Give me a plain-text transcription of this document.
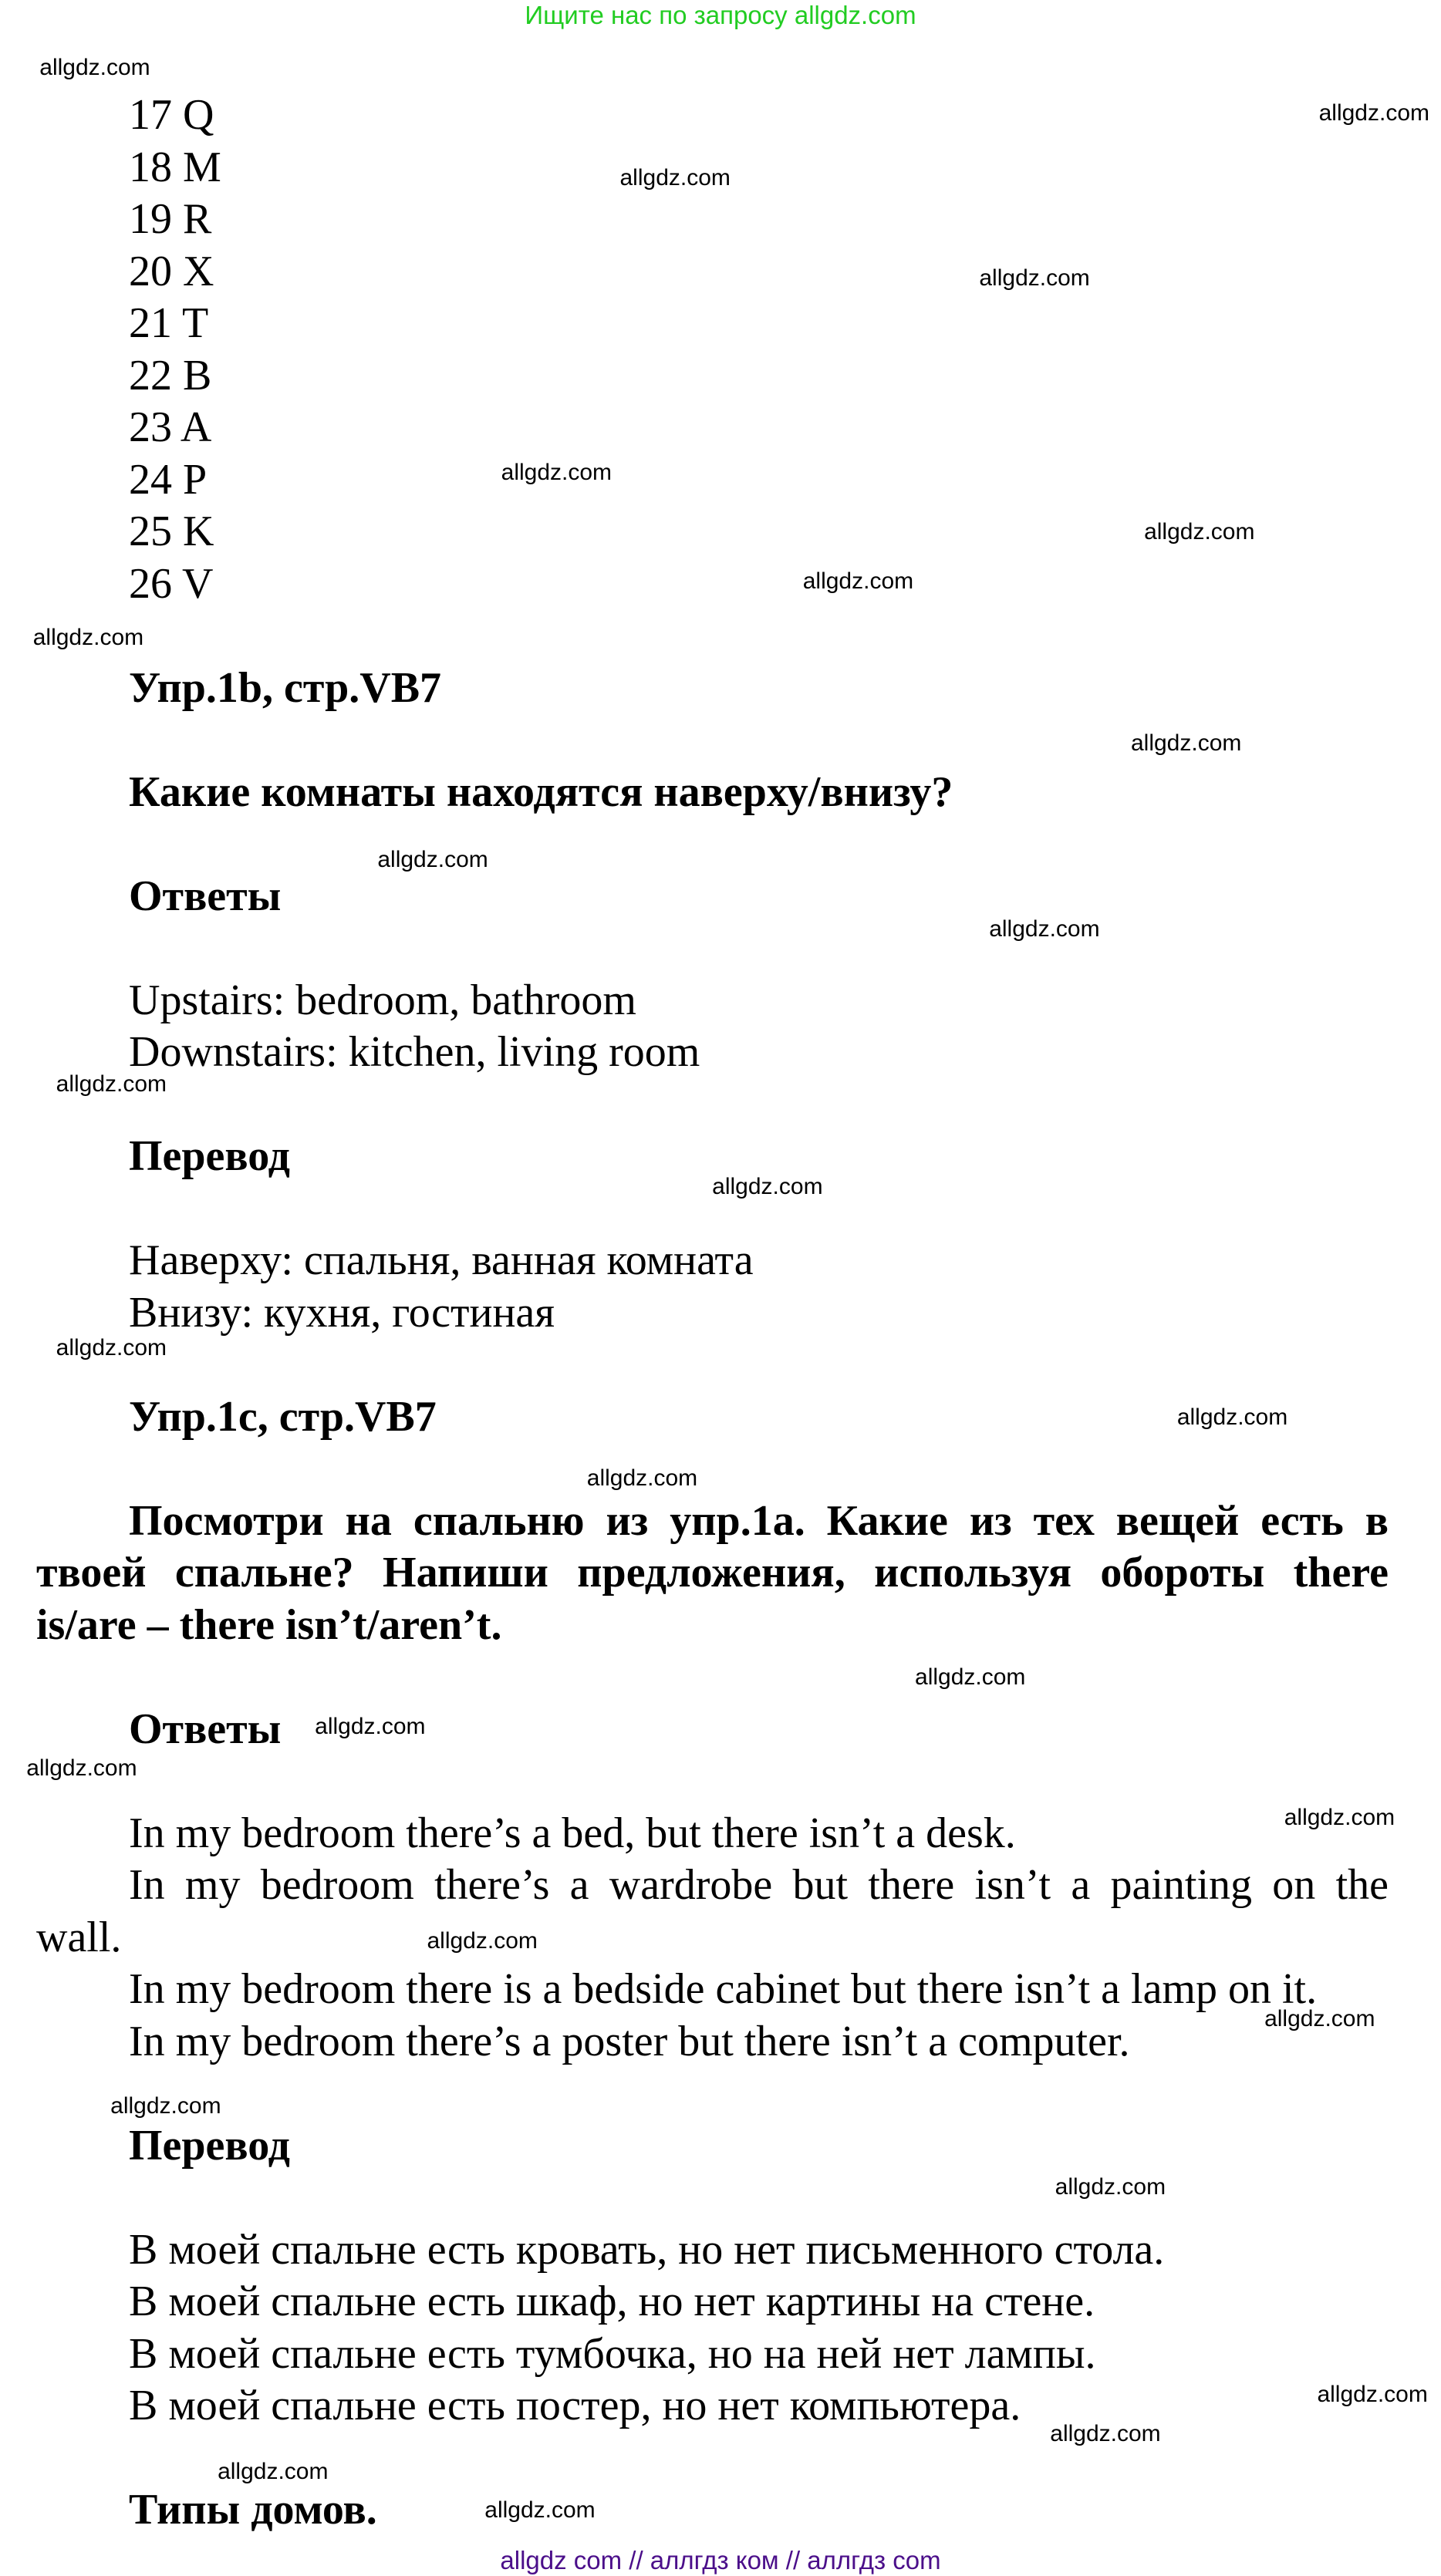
Ищите нас по запросу allgdz.com
17 Q
18 M
19 R
20 X
21 T
22 B
23 A
24 P
25 K
26 V
Упр.1b, стр.VB7
Какие комнаты находятся наверху/внизу?
Ответы
Upstairs: bedroom, bathroom
Downstairs: kitchen, living room
Перевод
Наверху: спальня, ванная комната
Внизу: кухня, гостиная
Упр.1c, стр.VB7
Посмотри на спальню из упр.1а. Какие из тех вещей есть в
твоей спальне? Напиши предложения, используя обороты there
is/are – there isn’t/aren’t.
Ответы
In my bedroom there’s a bed, but there isn’t a desk.
In my bedroom there’s a wardrobe but there isn’t a painting on the
wall.
In my bedroom there is a bedside cabinet but there isn’t a lamp on it.
In my bedroom there’s a poster but there isn’t a computer.
Перевод
В моей спальне есть кровать, но нет письменного стола.
В моей спальне есть шкаф, но нет картины на стене.
В моей спальне есть тумбочка, но на ней нет лампы.
В моей спальне есть постер, но нет компьютера.
Типы домов.
allgdz.com
allgdz.com
allgdz.com
allgdz.com
allgdz.com
allgdz.com
allgdz.com
allgdz.com
allgdz.com
allgdz.com
allgdz.com
allgdz.com
allgdz.com
allgdz.com
allgdz.com
allgdz.com
allgdz.com
allgdz.com
allgdz.com
allgdz.com
allgdz.com
allgdz.com
allgdz.com
allgdz.com
allgdz.com
allgdz.com
allgdz.com
allgdz.com
allgdz com // аллгдз ком // аллгдз com
